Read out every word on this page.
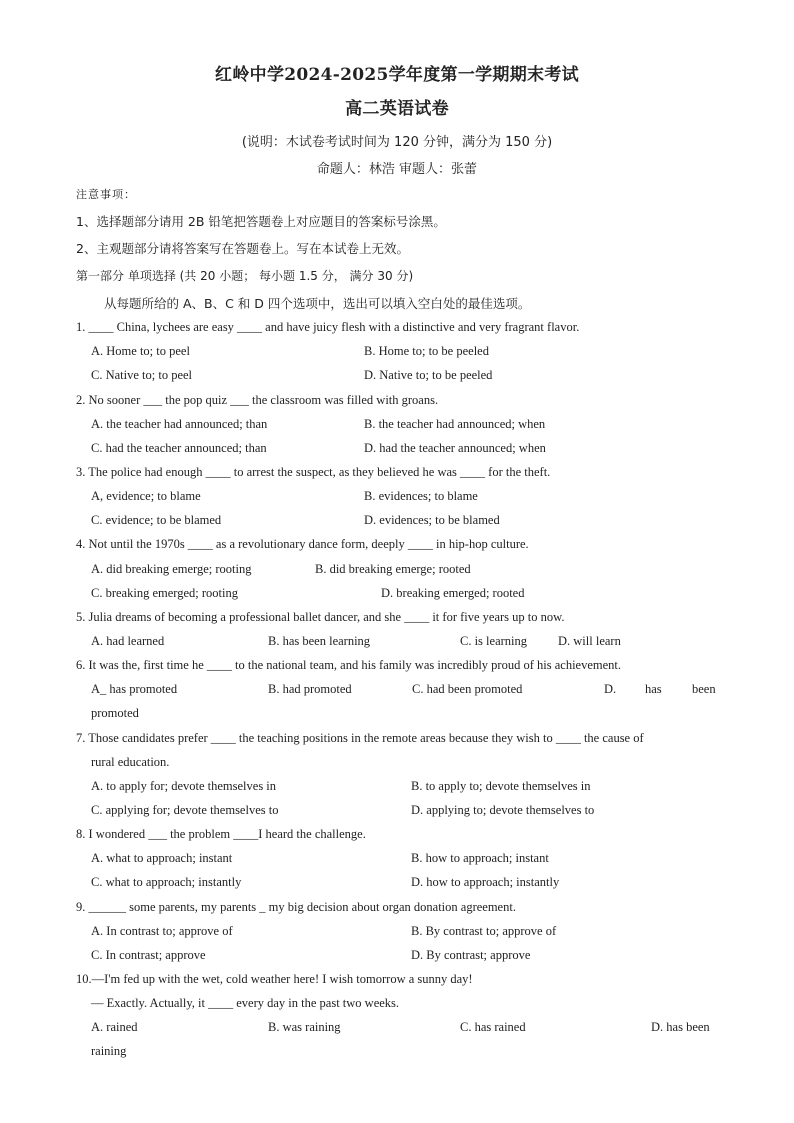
红岭中学2024-2025学年度第一学期期末考试
高二英语试卷
(说明：木试卷考试时间为 120 分钟，满分为 150 分)
命题人：林浩 审题人：张蕾
注意事项：
1、选择题部分请用 2B 铅笔把答题卷上对应题目的答案标号涂黑。
2、主观题部分请将答案写在答题卷上。写在本试卷上无效。
第一部分 单项选择 (共 20 小题； 每小题 1.5 分， 满分 30 分)
从每题所给的 A、B、C 和 D 四个选项中，选出可以填入空白处的最佳选项。
1. ____ China, lychees are easy ____ and have juicy flesh with a distinctive and very fragrant flavor.
A. Home to; to peel	B. Home to; to be peeled
C. Native to; to peel	D. Native to; to be peeled
2. No sooner ___ the pop quiz ___ the classroom was filled with groans.
A. the teacher had announced; than	B. the teacher had announced; when
C. had the teacher announced; than	D. had the teacher announced; when
3. The police had enough ____ to arrest the suspect, as they believed he was ____ for the theft.
A, evidence; to blame	B. evidences; to blame
C. evidence; to be blamed	D. evidences; to be blamed
4. Not until the 1970s ____ as a revolutionary dance form, deeply ____ in hip-hop culture.
A. did breaking emerge; rooting	B. did breaking emerge; rooted
C. breaking emerged; rooting	D. breaking emerged; rooted
5. Julia dreams of becoming a professional ballet dancer, and she ____ it for five years up to now.
A. had learned	B. has been learning	C. is learning D. will learn
6. It was the, first time he ____ to the national team, and his family was incredibly proud of his achievement.
A_ has promoted	B. had promoted	C. had been promoted	D. has been
promoted
7. Those candidates prefer ____ the teaching positions in the remote areas because they wish to ____ the cause of
rural education.
A. to apply for; devote themselves in	B. to apply to; devote themselves in
C. applying for; devote themselves to	D. applying to; devote themselves to
8. I wondered ___ the problem ____I heard the challenge.
A. what to approach; instant	B. how to approach; instant
C. what to approach; instantly	D. how to approach; instantly
9. ______ some parents, my parents _ my big decision about organ donation agreement.
A. In contrast to; approve of	B. By contrast to; approve of
C. In contrast; approve	D. By contrast; approve
10.—I'm fed up with the wet, cold weather here! I wish tomorrow a sunny day!
— Exactly. Actually, it ____ every day in the past two weeks.
A. rained	B. was raining	C. has rained	D. has been
raining
